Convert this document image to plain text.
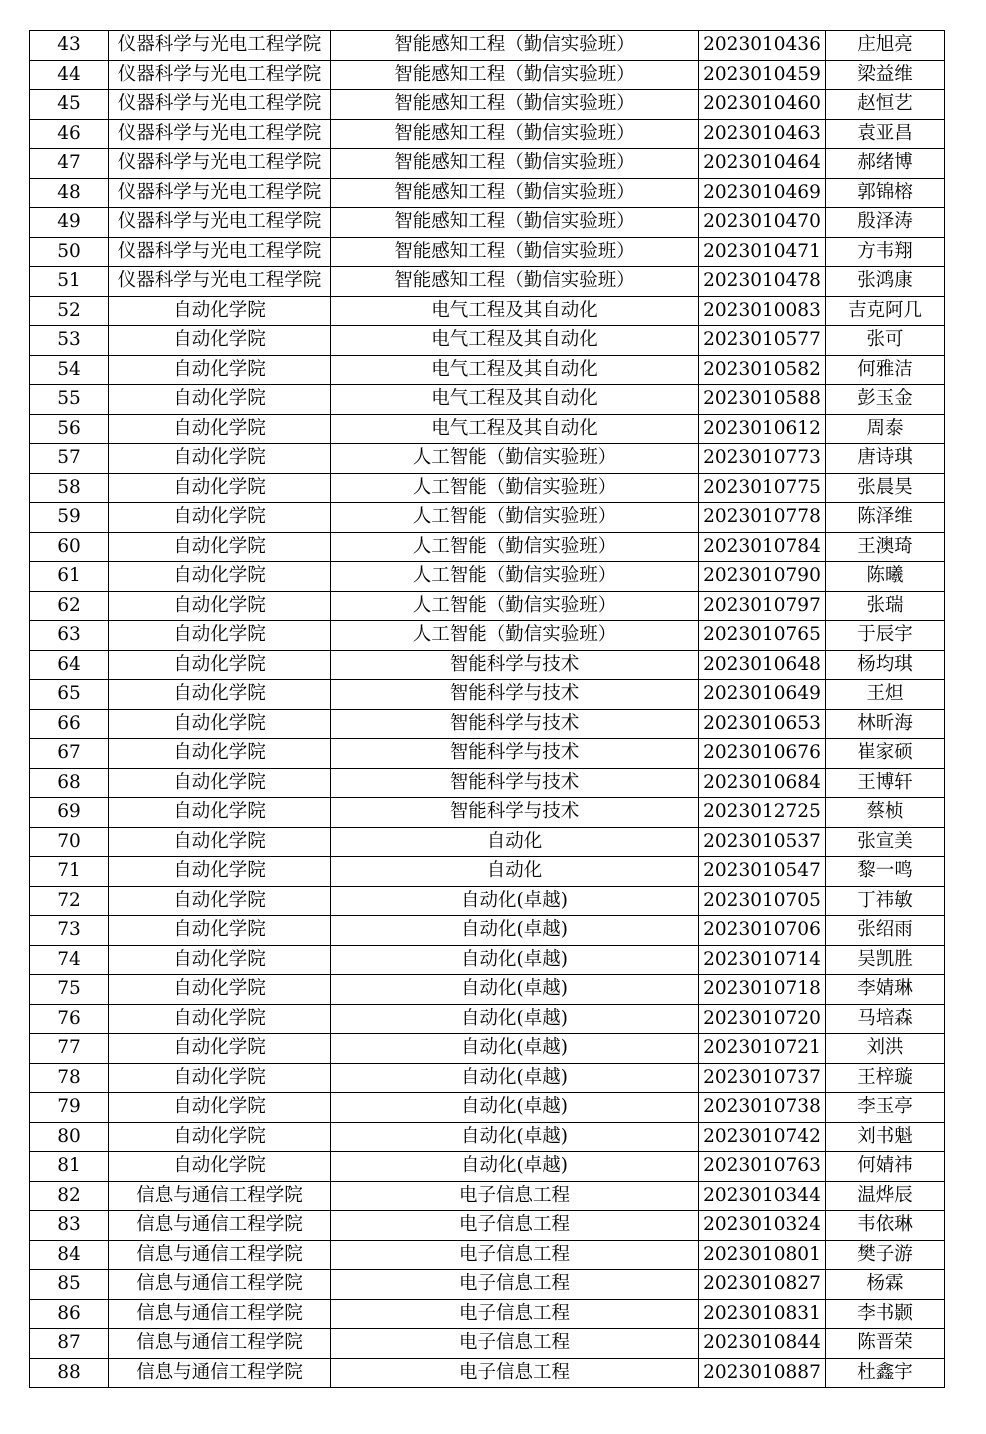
43	仪器科学与光电工程学院	智能感知工程（勤信实验班）	2023010436	庄旭亮
44	仪器科学与光电工程学院	智能感知工程（勤信实验班）	2023010459	梁益维
45	仪器科学与光电工程学院	智能感知工程（勤信实验班）	2023010460	赵恒艺
46	仪器科学与光电工程学院	智能感知工程（勤信实验班）	2023010463	袁亚昌
47	仪器科学与光电工程学院	智能感知工程（勤信实验班）	2023010464	郝绪博
48	仪器科学与光电工程学院	智能感知工程（勤信实验班）	2023010469	郭锦榕
49	仪器科学与光电工程学院	智能感知工程（勤信实验班）	2023010470	殷泽涛
50	仪器科学与光电工程学院	智能感知工程（勤信实验班）	2023010471	方韦翔
51	仪器科学与光电工程学院	智能感知工程（勤信实验班）	2023010478	张鸿康
52	自动化学院	电气工程及其自动化	2023010083	吉克阿几
53	自动化学院	电气工程及其自动化	2023010577	张可
54	自动化学院	电气工程及其自动化	2023010582	何雅洁
55	自动化学院	电气工程及其自动化	2023010588	彭玉金
56	自动化学院	电气工程及其自动化	2023010612	周泰
57	自动化学院	人工智能（勤信实验班）	2023010773	唐诗琪
58	自动化学院	人工智能（勤信实验班）	2023010775	张晨昊
59	自动化学院	人工智能（勤信实验班）	2023010778	陈泽维
60	自动化学院	人工智能（勤信实验班）	2023010784	王澳琦
61	自动化学院	人工智能（勤信实验班）	2023010790	陈曦
62	自动化学院	人工智能（勤信实验班）	2023010797	张瑞
63	自动化学院	人工智能（勤信实验班）	2023010765	于辰宇
64	自动化学院	智能科学与技术	2023010648	杨均琪
65	自动化学院	智能科学与技术	2023010649	王炟
66	自动化学院	智能科学与技术	2023010653	林昕海
67	自动化学院	智能科学与技术	2023010676	崔家硕
68	自动化学院	智能科学与技术	2023010684	王博轩
69	自动化学院	智能科学与技术	2023012725	蔡桢
70	自动化学院	自动化	2023010537	张宣美
71	自动化学院	自动化	2023010547	黎一鸣
72	自动化学院	自动化(卓越)	2023010705	丁祎敏
73	自动化学院	自动化(卓越)	2023010706	张绍雨
74	自动化学院	自动化(卓越)	2023010714	吴凯胜
75	自动化学院	自动化(卓越)	2023010718	李婧琳
76	自动化学院	自动化(卓越)	2023010720	马培森
77	自动化学院	自动化(卓越)	2023010721	刘洪
78	自动化学院	自动化(卓越)	2023010737	王梓璇
79	自动化学院	自动化(卓越)	2023010738	李玉亭
80	自动化学院	自动化(卓越)	2023010742	刘书魁
81	自动化学院	自动化(卓越)	2023010763	何婧祎
82	信息与通信工程学院	电子信息工程	2023010344	温烨辰
83	信息与通信工程学院	电子信息工程	2023010324	韦依琳
84	信息与通信工程学院	电子信息工程	2023010801	樊子游
85	信息与通信工程学院	电子信息工程	2023010827	杨霖
86	信息与通信工程学院	电子信息工程	2023010831	李书颢
87	信息与通信工程学院	电子信息工程	2023010844	陈晋荣
88	信息与通信工程学院	电子信息工程	2023010887	杜鑫宇
